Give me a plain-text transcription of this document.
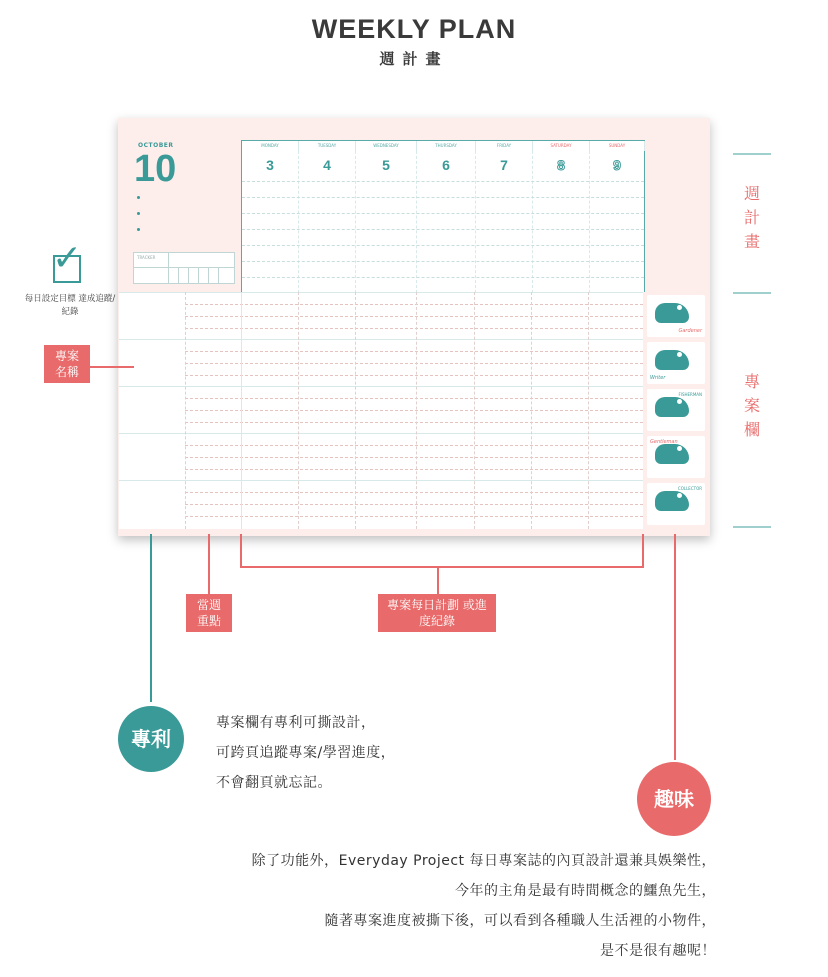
WEEKLY PLAN
週計畫
OCTOBER
10
TRACKER
MONDAY	TUESDAY	WEDNESDAY	THURSDAY	FRIDAY	SATURDAY	SUNDAY
3	4	5	6	7	8	9
Gardener
Writer
FISHERMAN
Gentleman
COLLECTOR
週計畫
專案欄
✓
每日設定目標 達成追蹤/紀錄
專案 名稱
當週 重點
專案每日計劃 或進度紀錄
專利
趣味
專案欄有專利可撕設計，
可跨頁追蹤專案/學習進度，
不會翻頁就忘記。
除了功能外，Everyday Project 每日專案誌的內頁設計還兼具娛樂性，
今年的主角是最有時間概念的鱷魚先生，
隨著專案進度被撕下後，可以看到各種職人生活裡的小物件，
是不是很有趣呢！
